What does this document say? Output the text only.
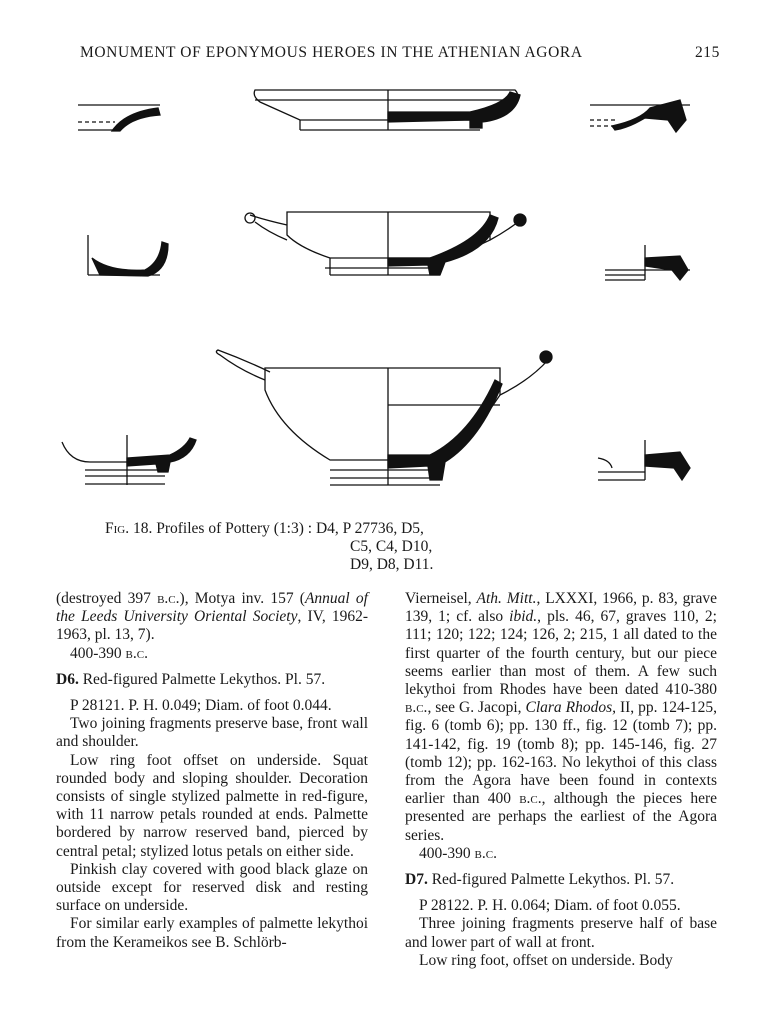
MONUMENT OF EPONYMOUS HEROES IN THE ATHENIAN AGORA	215
Fig. 18. Profiles of Pottery (1:3) : D4, P 27736, D5,
C5, C4, D10,
D9, D8, D11.

(destroyed 397 b.c.), Motya inv. 157 (Annual of the Leeds University Oriental Society, IV, 1962-1963, pl. 13, 7).

400-390 b.c.

D6. Red-figured Palmette Lekythos. Pl. 57.

P 28121. P. H. 0.049; Diam. of foot 0.044.

Two joining fragments preserve base, front wall and shoulder.

Low ring foot offset on underside. Squat rounded body and sloping shoulder. Decoration consists of single stylized palmette in red-figure, with 11 narrow petals rounded at ends. Palmette bordered by narrow reserved band, pierced by central petal; stylized lotus petals on either side.

Pinkish clay covered with good black glaze on outside except for reserved disk and resting surface on underside.

For similar early examples of palmette lekythoi from the Kerameikos see B. Schlörb-

Vierneisel, Ath. Mitt., LXXXI, 1966, p. 83, grave 139, 1; cf. also ibid., pls. 46, 67, graves 110, 2; 111; 120; 122; 124; 126, 2; 215, 1 all dated to the first quarter of the fourth century, but our piece seems earlier than most of them. A few such lekythoi from Rhodes have been dated 410-380 b.c., see G. Jacopi, Clara Rhodos, II, pp. 124-125, fig. 6 (tomb 6); pp. 130 ff., fig. 12 (tomb 7); pp. 141-142, fig. 19 (tomb 8); pp. 145-146, fig. 27 (tomb 12); pp. 162-163. No lekythoi of this class from the Agora have been found in contexts earlier than 400 b.c., although the pieces here presented are perhaps the earliest of the Agora series.

400-390 b.c.

D7. Red-figured Palmette Lekythos. Pl. 57.

P 28122. P. H. 0.064; Diam. of foot 0.055.

Three joining fragments preserve half of base and lower part of wall at front.

Low ring foot, offset on underside. Body
